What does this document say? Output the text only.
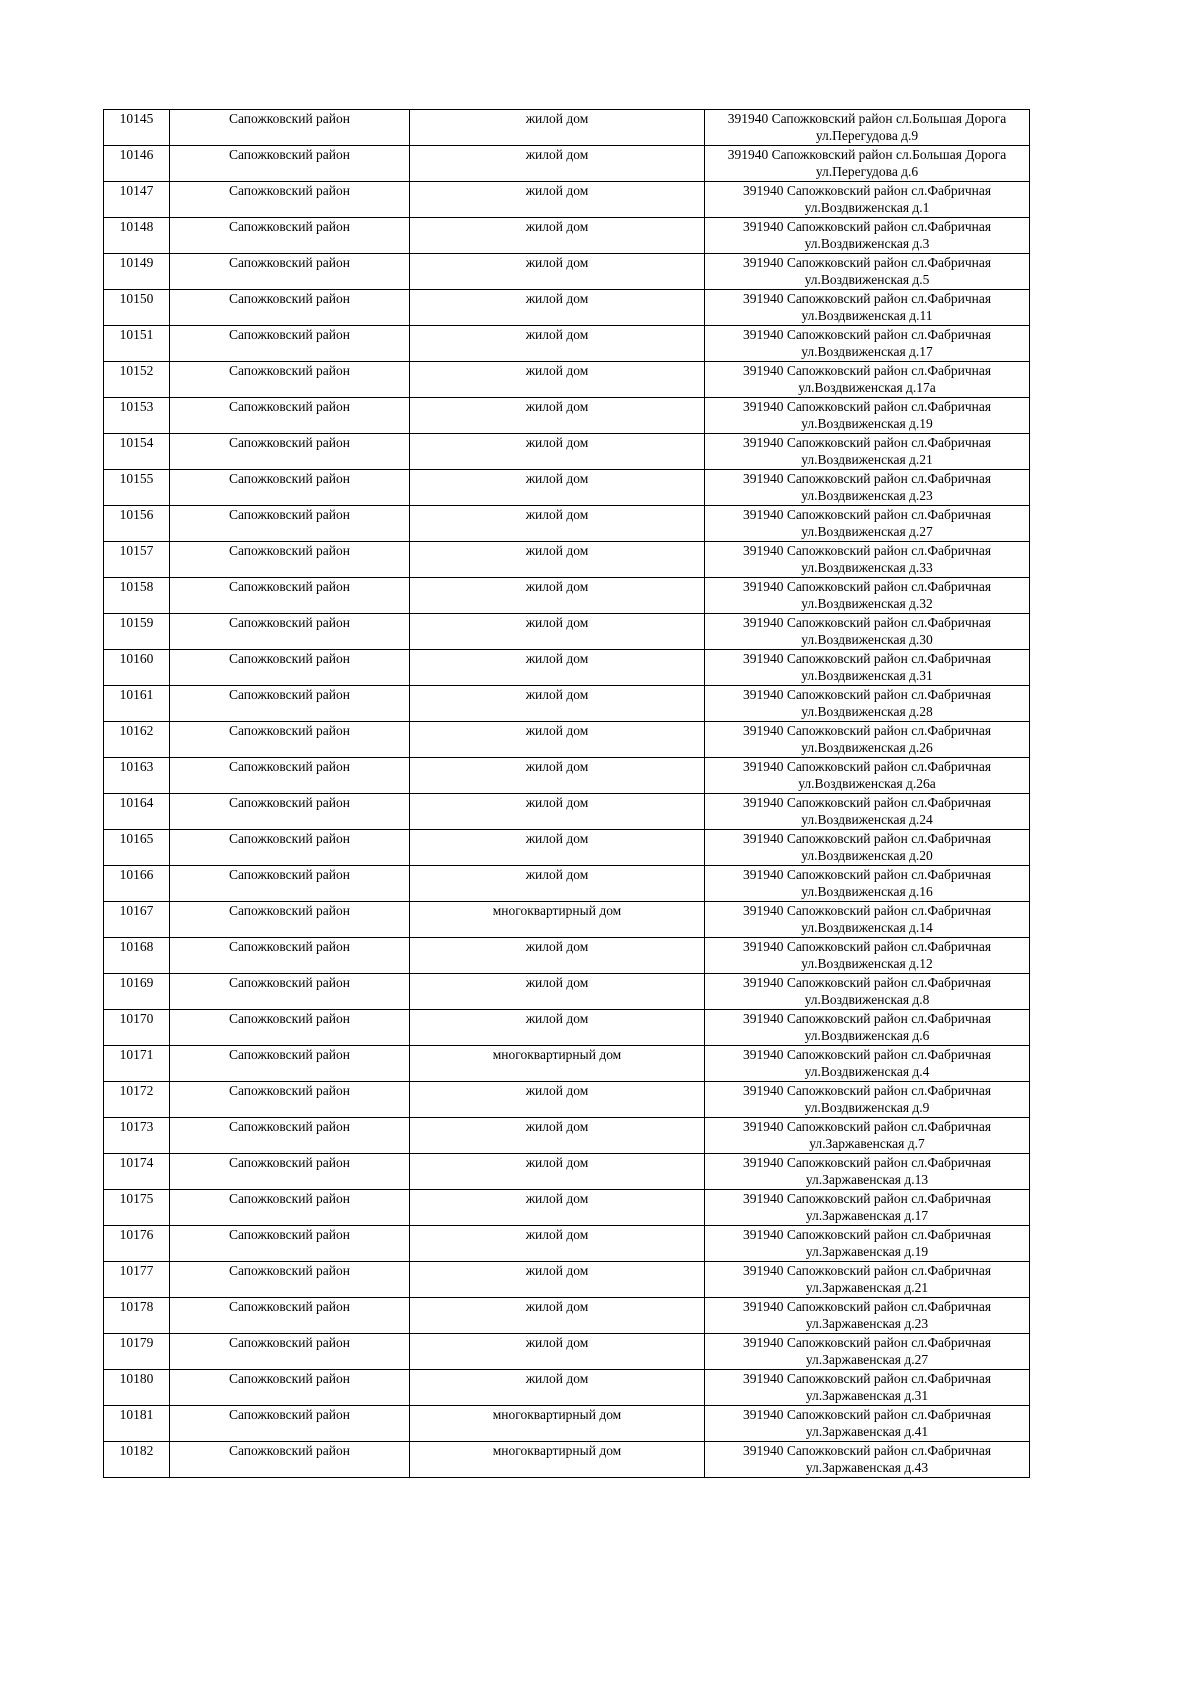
10145	Сапожковский район	жилой дом	391940 Сапожковский район сл.Большая Дорога
ул.Перегудова д.9

10146	Сапожковский район	жилой дом	391940 Сапожковский район сл.Большая Дорога
ул.Перегудова д.6

10147	Сапожковский район	жилой дом	391940 Сапожковский район сл.Фабричная
ул.Воздвиженская д.1

10148	Сапожковский район	жилой дом	391940 Сапожковский район сл.Фабричная
ул.Воздвиженская д.3

10149	Сапожковский район	жилой дом	391940 Сапожковский район сл.Фабричная
ул.Воздвиженская д.5

10150	Сапожковский район	жилой дом	391940 Сапожковский район сл.Фабричная
ул.Воздвиженская д.11

10151	Сапожковский район	жилой дом	391940 Сапожковский район сл.Фабричная
ул.Воздвиженская д.17

10152	Сапожковский район	жилой дом	391940 Сапожковский район сл.Фабричная
ул.Воздвиженская д.17а

10153	Сапожковский район	жилой дом	391940 Сапожковский район сл.Фабричная
ул.Воздвиженская д.19

10154	Сапожковский район	жилой дом	391940 Сапожковский район сл.Фабричная
ул.Воздвиженская д.21

10155	Сапожковский район	жилой дом	391940 Сапожковский район сл.Фабричная
ул.Воздвиженская д.23

10156	Сапожковский район	жилой дом	391940 Сапожковский район сл.Фабричная
ул.Воздвиженская д.27

10157	Сапожковский район	жилой дом	391940 Сапожковский район сл.Фабричная
ул.Воздвиженская д.33

10158	Сапожковский район	жилой дом	391940 Сапожковский район сл.Фабричная
ул.Воздвиженская д.32

10159	Сапожковский район	жилой дом	391940 Сапожковский район сл.Фабричная
ул.Воздвиженская д.30

10160	Сапожковский район	жилой дом	391940 Сапожковский район сл.Фабричная
ул.Воздвиженская д.31

10161	Сапожковский район	жилой дом	391940 Сапожковский район сл.Фабричная
ул.Воздвиженская д.28

10162	Сапожковский район	жилой дом	391940 Сапожковский район сл.Фабричная
ул.Воздвиженская д.26

10163	Сапожковский район	жилой дом	391940 Сапожковский район сл.Фабричная
ул.Воздвиженская д.26а

10164	Сапожковский район	жилой дом	391940 Сапожковский район сл.Фабричная
ул.Воздвиженская д.24

10165	Сапожковский район	жилой дом	391940 Сапожковский район сл.Фабричная
ул.Воздвиженская д.20

10166	Сапожковский район	жилой дом	391940 Сапожковский район сл.Фабричная
ул.Воздвиженская д.16

10167	Сапожковский район	многоквартирный дом	391940 Сапожковский район сл.Фабричная
ул.Воздвиженская д.14

10168	Сапожковский район	жилой дом	391940 Сапожковский район сл.Фабричная
ул.Воздвиженская д.12

10169	Сапожковский район	жилой дом	391940 Сапожковский район сл.Фабричная
ул.Воздвиженская д.8

10170	Сапожковский район	жилой дом	391940 Сапожковский район сл.Фабричная
ул.Воздвиженская д.6

10171	Сапожковский район	многоквартирный дом	391940 Сапожковский район сл.Фабричная
ул.Воздвиженская д.4

10172	Сапожковский район	жилой дом	391940 Сапожковский район сл.Фабричная
ул.Воздвиженская д.9

10173	Сапожковский район	жилой дом	391940 Сапожковский район сл.Фабричная
ул.Заржавенская д.7

10174	Сапожковский район	жилой дом	391940 Сапожковский район сл.Фабричная
ул.Заржавенская д.13

10175	Сапожковский район	жилой дом	391940 Сапожковский район сл.Фабричная
ул.Заржавенская д.17

10176	Сапожковский район	жилой дом	391940 Сапожковский район сл.Фабричная
ул.Заржавенская д.19

10177	Сапожковский район	жилой дом	391940 Сапожковский район сл.Фабричная
ул.Заржавенская д.21

10178	Сапожковский район	жилой дом	391940 Сапожковский район сл.Фабричная
ул.Заржавенская д.23

10179	Сапожковский район	жилой дом	391940 Сапожковский район сл.Фабричная
ул.Заржавенская д.27

10180	Сапожковский район	жилой дом	391940 Сапожковский район сл.Фабричная
ул.Заржавенская д.31

10181	Сапожковский район	многоквартирный дом	391940 Сапожковский район сл.Фабричная
ул.Заржавенская д.41

10182	Сапожковский район	многоквартирный дом	391940 Сапожковский район сл.Фабричная
ул.Заржавенская д.43
